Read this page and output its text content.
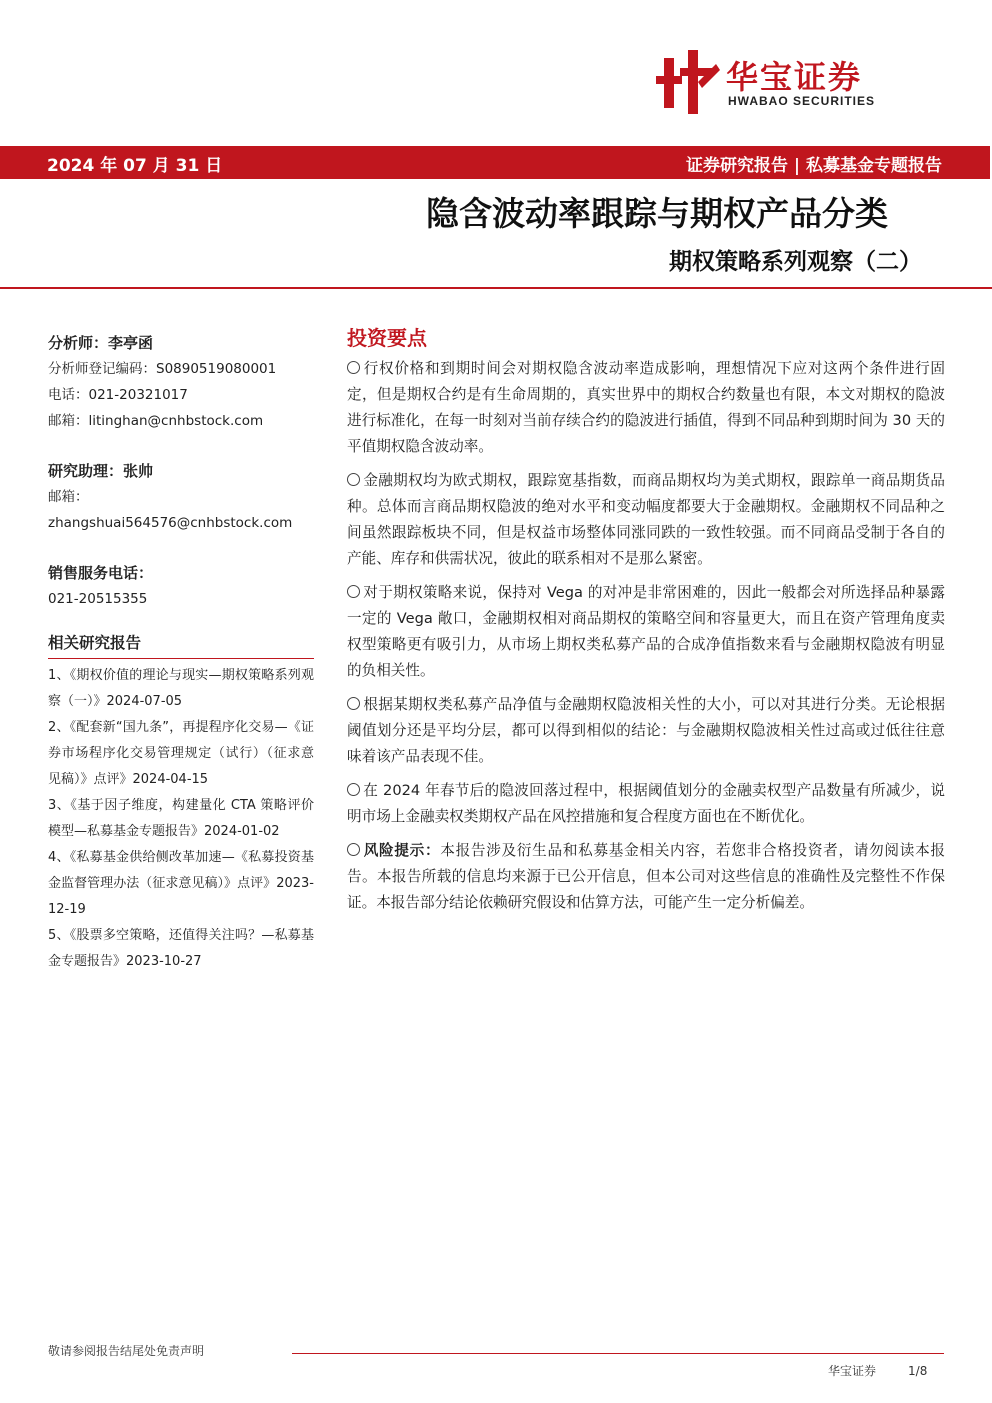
华宝证券
HWABAO SECURITIES
2024 年 07 月 31 日	证券研究报告 | 私募基金专题报告
隐含波动率跟踪与期权产品分类
期权策略系列观察（二）
分析师：李亭函
分析师登记编码：S0890519080001
电话：021-20321017
邮箱：litinghan@cnhbstock.com
研究助理：张帅
邮箱：
zhangshuai564576@cnhbstock.com
销售服务电话：
021-20515355
相关研究报告
1、《期权价值的理论与现实—期权策略系列观察（一）》2024-07-05
2、《配套新“国九条”，再提程序化交易—《证券市场程序化交易管理规定（试行）（征求意见稿）》点评》2024-04-15
3、《基于因子维度，构建量化 CTA 策略评价模型—私募基金专题报告》2024-01-02
4、《私募基金供给侧改革加速—《私募投资基金监督管理办法（征求意见稿）》点评》2023-12-19
5、《股票多空策略，还值得关注吗？—私募基金专题报告》2023-10-27
投资要点

行权价格和到期时间会对期权隐含波动率造成影响，理想情况下应对这两个条件进行固定，但是期权合约是有生命周期的，真实世界中的期权合约数量也有限，本文对期权的隐波进行标准化，在每一时刻对当前存续合约的隐波进行插值，得到不同品种到期时间为 30 天的平值期权隐含波动率。

金融期权均为欧式期权，跟踪宽基指数，而商品期权均为美式期权，跟踪单一商品期货品种。总体而言商品期权隐波的绝对水平和变动幅度都要大于金融期权。金融期权不同品种之间虽然跟踪板块不同，但是权益市场整体同涨同跌的一致性较强。而不同商品受制于各自的产能、库存和供需状况，彼此的联系相对不是那么紧密。

对于期权策略来说，保持对 Vega 的对冲是非常困难的，因此一般都会对所选择品种暴露一定的 Vega 敞口，金融期权相对商品期权的策略空间和容量更大，而且在资产管理角度卖权型策略更有吸引力，从市场上期权类私募产品的合成净值指数来看与金融期权隐波有明显的负相关性。

根据某期权类私募产品净值与金融期权隐波相关性的大小，可以对其进行分类。无论根据阈值划分还是平均分层，都可以得到相似的结论：与金融期权隐波相关性过高或过低往往意味着该产品表现不佳。

在 2024 年春节后的隐波回落过程中，根据阈值划分的金融卖权型产品数量有所减少，说明市场上金融卖权类期权产品在风控措施和复合程度方面也在不断优化。

风险提示：本报告涉及衍生品和私募基金相关内容，若您非合格投资者，请勿阅读本报告。本报告所载的信息均来源于已公开信息，但本公司对这些信息的准确性及完整性不作保证。本报告部分结论依赖研究假设和估算方法，可能产生一定分析偏差。

敬请参阅报告结尾处免责声明
华宝证券	1/8
